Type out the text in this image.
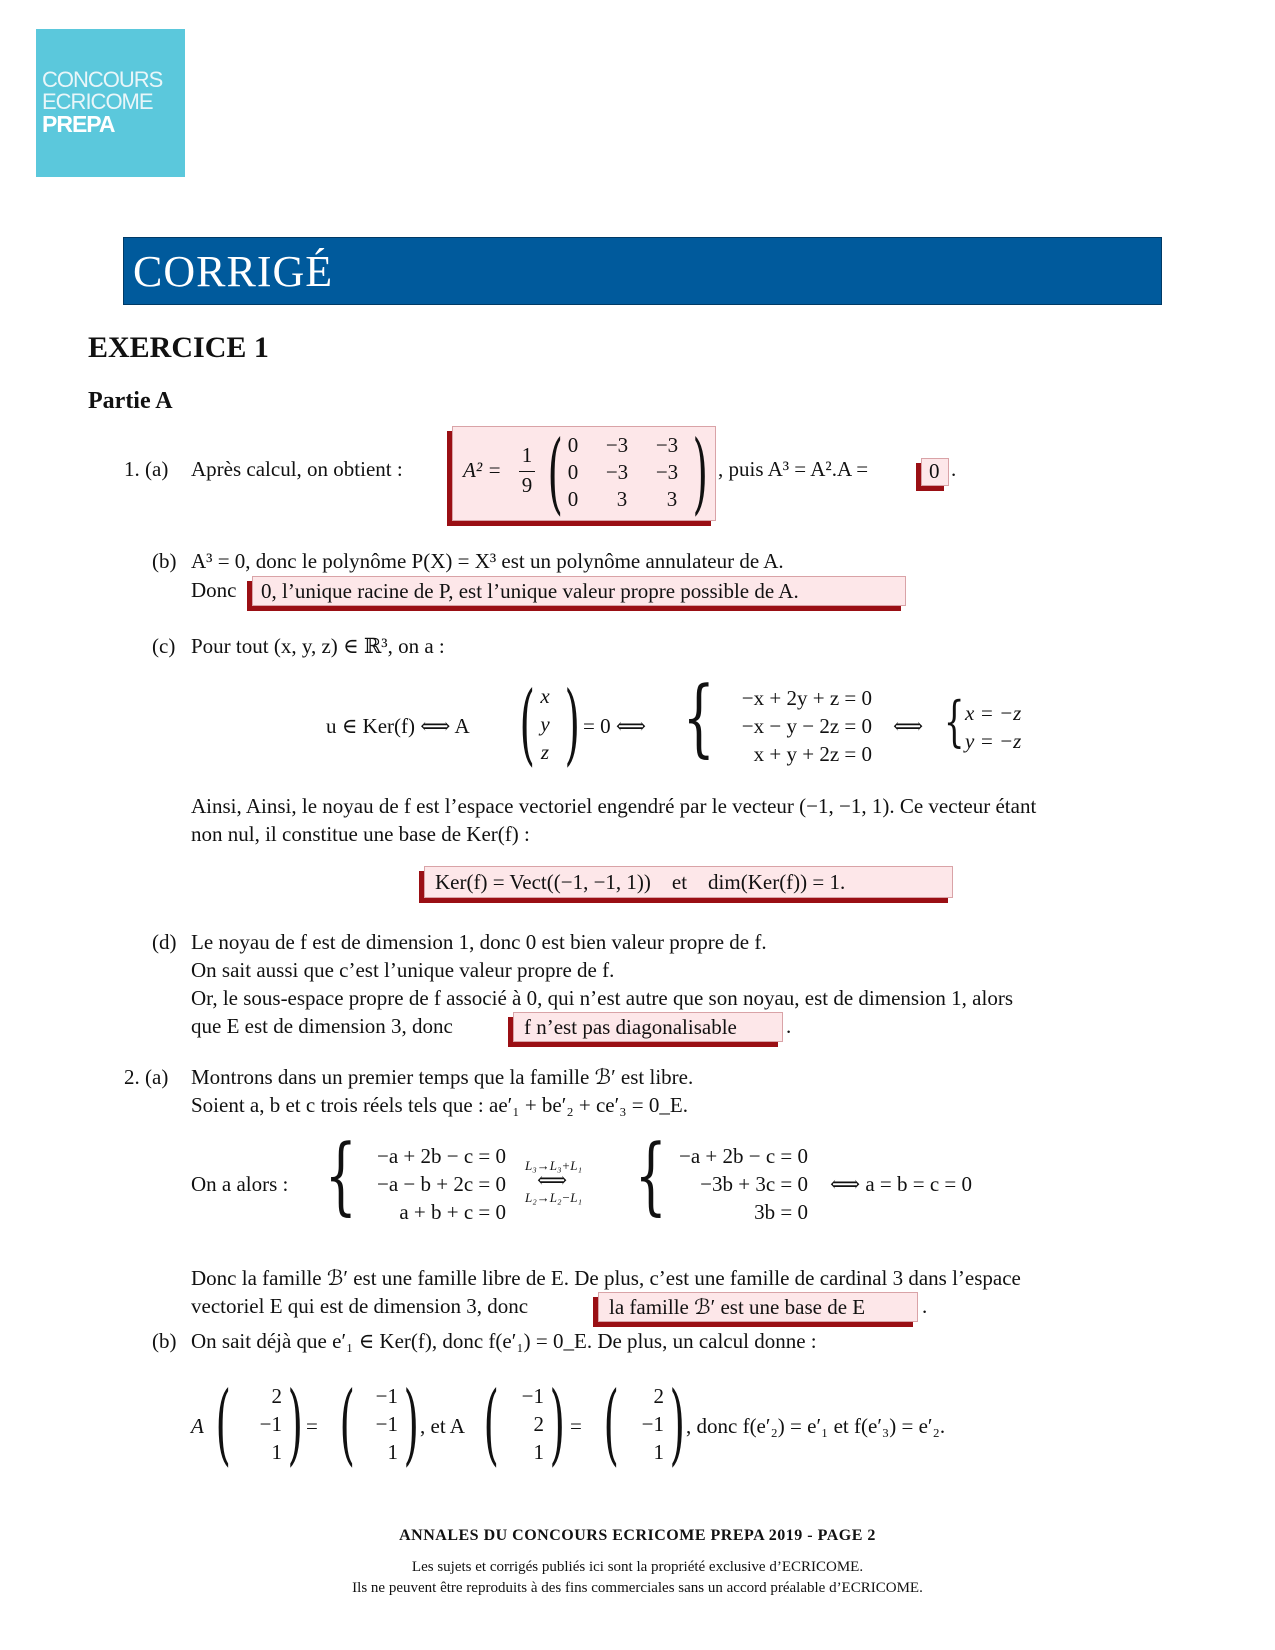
CONCOURS
ECRICOME
PREPA
CORRIGÉ
EXERCICE 1
Partie A
1. (a) Après calcul, on obtient :	A² =
1
9 ( 0	−3	−3
0	−3	−3
0	3	3 ) , puis A³ = A².A =	0 .
(b) A³ = 0, donc le polynôme P(X) = X³ est un polynôme annulateur de A.
Donc 0, l’unique racine de P, est l’unique valeur propre possible de A.
(c) Pour tout (x, y, z) ∈ ℝ³, on a :
u ∈ Ker(f) ⟺ A ( x
y
z ) = 0 ⟺ {	−x + 2y + z = 0
−x − y − 2z = 0
x + y + 2z = 0
⟺ { x = −z
y = −z
Ainsi, Ainsi, le noyau de f est l’espace vectoriel engendré par le vecteur (−1, −1, 1). Ce vecteur étant
non nul, il constitue une base de Ker(f) :
Ker(f) = Vect((−1, −1, 1))    et    dim(Ker(f)) = 1.
(d) Le noyau de f est de dimension 1, donc 0 est bien valeur propre de f.
On sait aussi que c’est l’unique valeur propre de f.
Or, le sous-espace propre de f associé à 0, qui n’est autre que son noyau, est de dimension 1, alors
que E est de dimension 3, donc	f n’est pas diagonalisable .
2. (a) Montrons dans un premier temps que la famille ℬ′ est libre.
Soient a, b et c trois réels tels que : ae′₁ + be′₂ + ce′₃ = 0_E.
On a alors : { −a + 2b − c = 0
−a − b + 2c = 0
a + b + c = 0
L₃→L₃+L₁
⟺
L₂→L₂−L₁ { −a + 2b − c = 0
−3b + 3c = 0
3b = 0
⟺ a = b = c = 0
Donc la famille ℬ′ est une famille libre de E. De plus, c’est une famille de cardinal 3 dans l’espace
vectoriel E qui est de dimension 3, donc	la famille ℬ′ est une base de E	.
(b) On sait déjà que e′₁ ∈ Ker(f), donc f(e′₁) = 0_E. De plus, un calcul donne :
A (	2
−1
1 ) = ( −1
−1
1 ) , et A (	−1
2
1 ) = (	2
−1
1 ) , donc f(e′₂) = e′₁ et f(e′₃) = e′₂.
ANNALES DU CONCOURS ECRICOME PREPA 2019 - PAGE 2
Les sujets et corrigés publiés ici sont la propriété exclusive d’ECRICOME.
Ils ne peuvent être reproduits à des fins commerciales sans un accord préalable d’ECRICOME.
